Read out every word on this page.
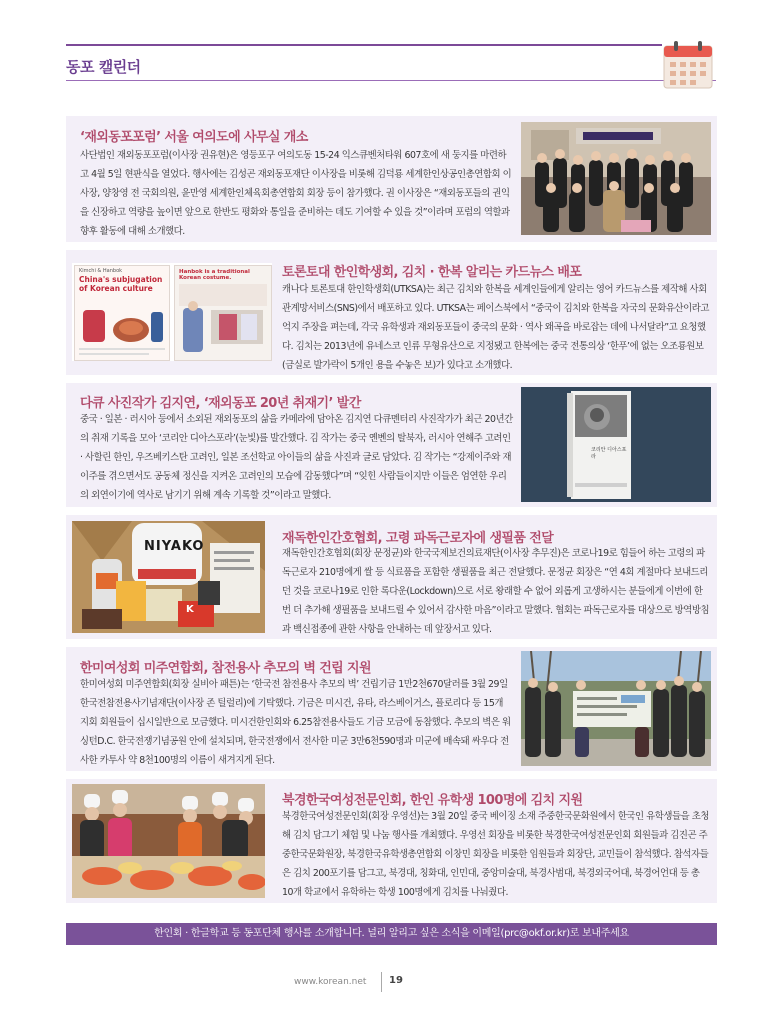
동포 캘린더
‘재외동포포럼’ 서울 여의도에 사무실 개소
사단법인 재외동포포럼(이사장 권유현)은 영등포구 여의도동 15-24 익스큐벤처타워 607호에 새 둥지를 마련하고 4월 5일 현판식을 열었다. 행사에는 김성곤 재외동포재단 이사장을 비롯해 김덕룡 세계한인상공인총연합회 이사장, 양창영 전 국회의원, 윤만영 세계한인체육회총연합회 회장 등이 참가했다. 권 이사장은 “재외동포들의 권익을 신장하고 역량을 높이면 앞으로 한반도 평화와 통일을 준비하는 데도 기여할 수 있을 것”이라며 포럼의 역할과 향후 활동에 대해 소개했다.
Kimchi & Hanbok
China's subjugation of Korean culture
Hanbok is a traditional Korean costume.	토론토대 한인학생회, 김치 · 한복 알리는 카드뉴스 배포
캐나다 토론토대 한인학생회(UTKSA)는 최근 김치와 한복을 세계인들에게 알리는 영어 카드뉴스를 제작해 사회관계망서비스(SNS)에서 배포하고 있다. UTKSA는 페이스북에서 “중국이 김치와 한복을 자국의 문화유산이라고 억지 주장을 펴는데, 각국 유학생과 재외동포들이 중국의 문화 · 역사 왜곡을 바로잡는 데에 나서달라”고 요청했다. 김치는 2013년에 유네스코 인류 무형유산으로 지정됐고 한복에는 중국 전통의상 ‘한푸’에 없는 오조룡원보(금실로 발가락이 5개인 용을 수놓은 보)가 있다고 소개했다.
다큐 사진작가 김지연, ‘재외동포 20년 취재기’ 발간
중국 · 일본 · 러시아 등에서 소외된 재외동포의 삶을 카메라에 담아온 김지연 다큐멘터리 사진작가가 최근 20년간의 취재 기록을 모아 ‘코리안 디아스포라’(눈빛)를 발간했다. 김 작가는 중국 옌볜의 탈북자, 러시아 연해주 고려인 · 사할린 한인, 우즈베키스탄 고려인, 일본 조선학교 아이들의 삶을 사진과 글로 담았다. 김 작가는 “강제이주와 재이주를 겪으면서도 공동체 정신을 지켜온 고려인의 모습에 감동했다”며 “잊힌 사람들이지만 이들은 엄연한 우리의 외연이기에 역사로 남기기 위해 계속 기록할 것”이라고 말했다.
코리안 디아스포라
NIYAKO
K
재독한인간호협회, 고령 파독근로자에 생필품 전달
재독한인간호협회(회장 문정균)와 한국국제보건의료재단(이사장 추무진)은 코로나19로 힘들어 하는 고령의 파독근로자 210명에게 쌀 등 식료품을 포함한 생필품을 최근 전달했다. 문정균 회장은 “연 4회 계절마다 보내드리던 것을 코로나19로 인한 록다운(Lockdown)으로 서로 왕래할 수 없어 외롭게 고생하시는 분들에게 이번에 한 번 더 추가해 생필품을 보내드릴 수 있어서 감사한 마음”이라고 말했다. 협회는 파독근로자를 대상으로 방역방침과 백신접종에 관한 사항을 안내하는 데 앞장서고 있다.
한미여성회 미주연합회, 참전용사 추모의 벽 건립 지원
한미여성회 미주연합회(회장 실비아 패튼)는 ‘한국전 참전용사 추모의 벽’ 건립기금 1만2천670달러를 3월 29일 한국전참전용사기념재단(이사장 존 틸럴리)에 기탁했다. 기금은 미시건, 유타, 라스베이거스, 플로리다 등 15개 지회 회원들이 십시일반으로 모금했다. 미시건한인회와 6.25참전용사들도 기금 모금에 동참했다. 추모의 벽은 워싱턴D.C. 한국전쟁기념공원 안에 설치되며, 한국전쟁에서 전사한 미군 3만6천590명과 미군에 배속돼 싸우다 전사한 카투사 약 8천100명의 이름이 새겨지게 된다.
북경한국여성전문인회, 한인 유학생 100명에 김치 지원
북경한국여성전문인회(회장 우영선)는 3월 20일 중국 베이징 소재 주중한국문화원에서 한국인 유학생들을 초청해 김치 담그기 체험 및 나눔 행사를 개최했다. 우영선 회장을 비롯한 북경한국여성전문인회 회원들과 김진곤 주중한국문화원장, 북경한국유학생총연합회 이창민 회장을 비롯한 임원들과 회장단, 교민들이 참석했다. 참석자들은 김치 200포기를 담그고, 북경대, 칭화대, 인민대, 중앙미술대, 북경사범대, 북경외국어대, 북경어언대 등 총 10개 학교에서 유학하는 학생 100명에게 김치를 나눠줬다.
한인회 · 한글학교 등 동포단체 행사를 소개합니다. 널리 알리고 싶은 소식을 이메일(prc@okf.or.kr)로 보내주세요
www.korean.net 19
